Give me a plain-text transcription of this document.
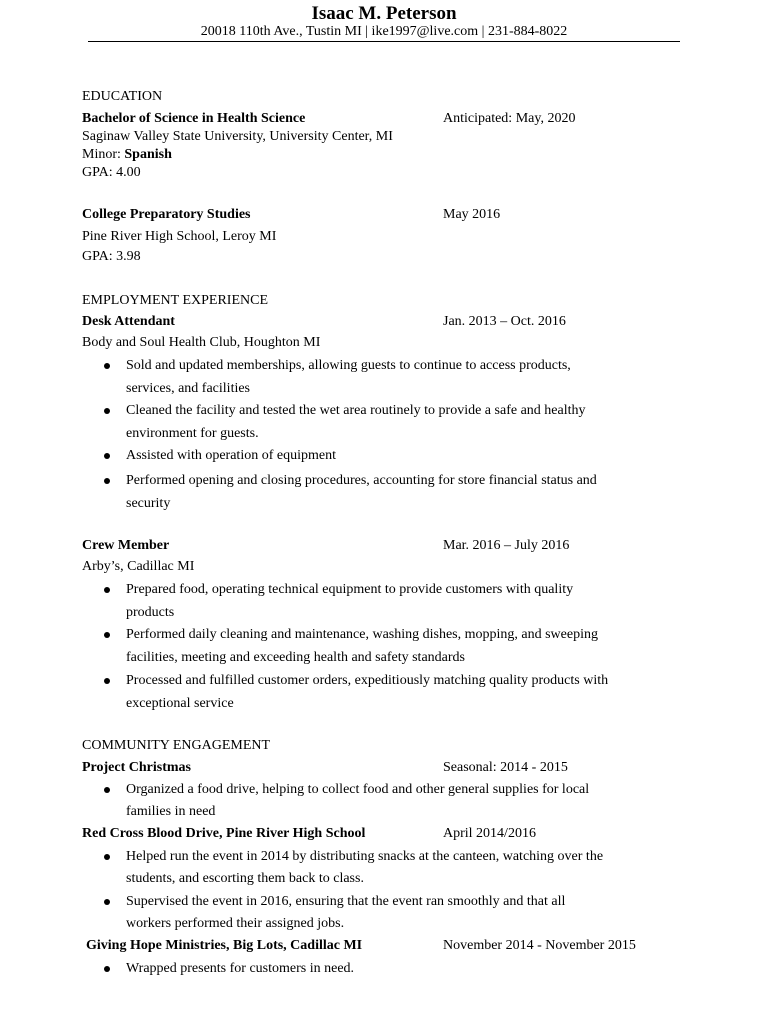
Isaac M. Peterson
20018 110th Ave., Tustin MI | ike1997@live.com | 231-884-8022
EDUCATION
Bachelor of Science in Health Science	Anticipated: May, 2020
Saginaw Valley State University, University Center, MI
Minor: Spanish
GPA: 4.00
College Preparatory Studies	May 2016
Pine River High School, Leroy MI
GPA: 3.98
EMPLOYMENT EXPERIENCE
Desk Attendant	Jan. 2013 – Oct. 2016
Body and Soul Health Club, Houghton MI
Sold and updated memberships, allowing guests to continue to access products,
services, and facilities
Cleaned the facility and tested the wet area routinely to provide a safe and healthy
environment for guests.
Assisted with operation of equipment
Performed opening and closing procedures, accounting for store financial status and
security
Crew Member	Mar. 2016 – July 2016
Arby’s, Cadillac MI
Prepared food, operating technical equipment to provide customers with quality
products
Performed daily cleaning and maintenance, washing dishes, mopping, and sweeping
facilities, meeting and exceeding health and safety standards
Processed and fulfilled customer orders, expeditiously matching quality products with
exceptional service
COMMUNITY ENGAGEMENT
Project Christmas	Seasonal: 2014 - 2015
Organized a food drive, helping to collect food and other general supplies for local
families in need
Red Cross Blood Drive, Pine River High School	April 2014/2016
Helped run the event in 2014 by distributing snacks at the canteen, watching over the
students, and escorting them back to class.
Supervised the event in 2016, ensuring that the event ran smoothly and that all
workers performed their assigned jobs.
Giving Hope Ministries, Big Lots, Cadillac MI	November 2014 - November 2015
Wrapped presents for customers in need.
